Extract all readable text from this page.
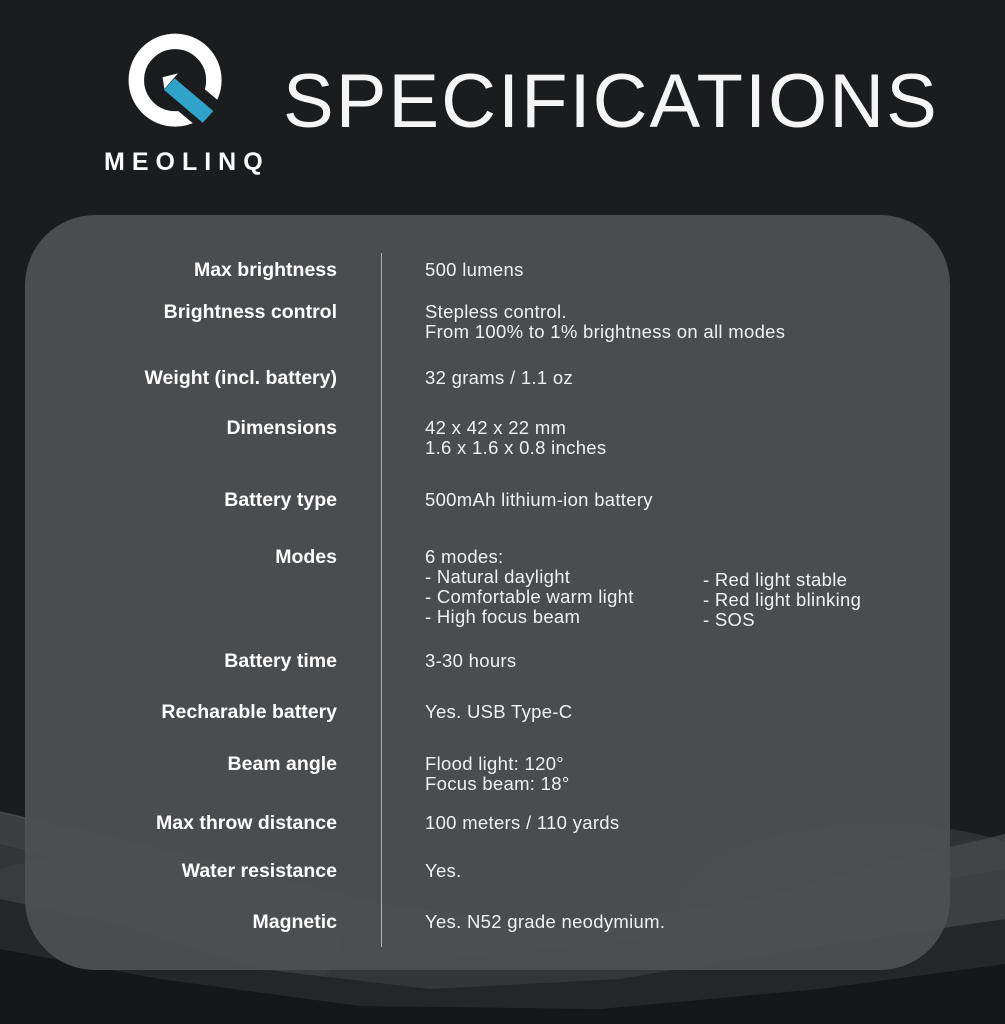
MEOLINQ
SPECIFICATIONS
Max brightness	500 lumens
Brightness control	Stepless control.
From 100% to 1% brightness on all modes
Weight (incl. battery)	32 grams / 1.1 oz
Dimensions	42 x 42 x 22 mm
1.6 x 1.6 x 0.8 inches
Battery type	500mAh lithium-ion battery
Modes	6 modes:
- Natural daylight
- Comfortable warm light
- High focus beam
- Red light stable
- Red light blinking
- SOS
Battery time	3-30 hours
Recharable battery	Yes. USB Type-C
Beam angle	Flood light: 120°
Focus beam: 18°
Max throw distance	100 meters / 110 yards
Water resistance	Yes.
Magnetic	Yes. N52 grade neodymium.
